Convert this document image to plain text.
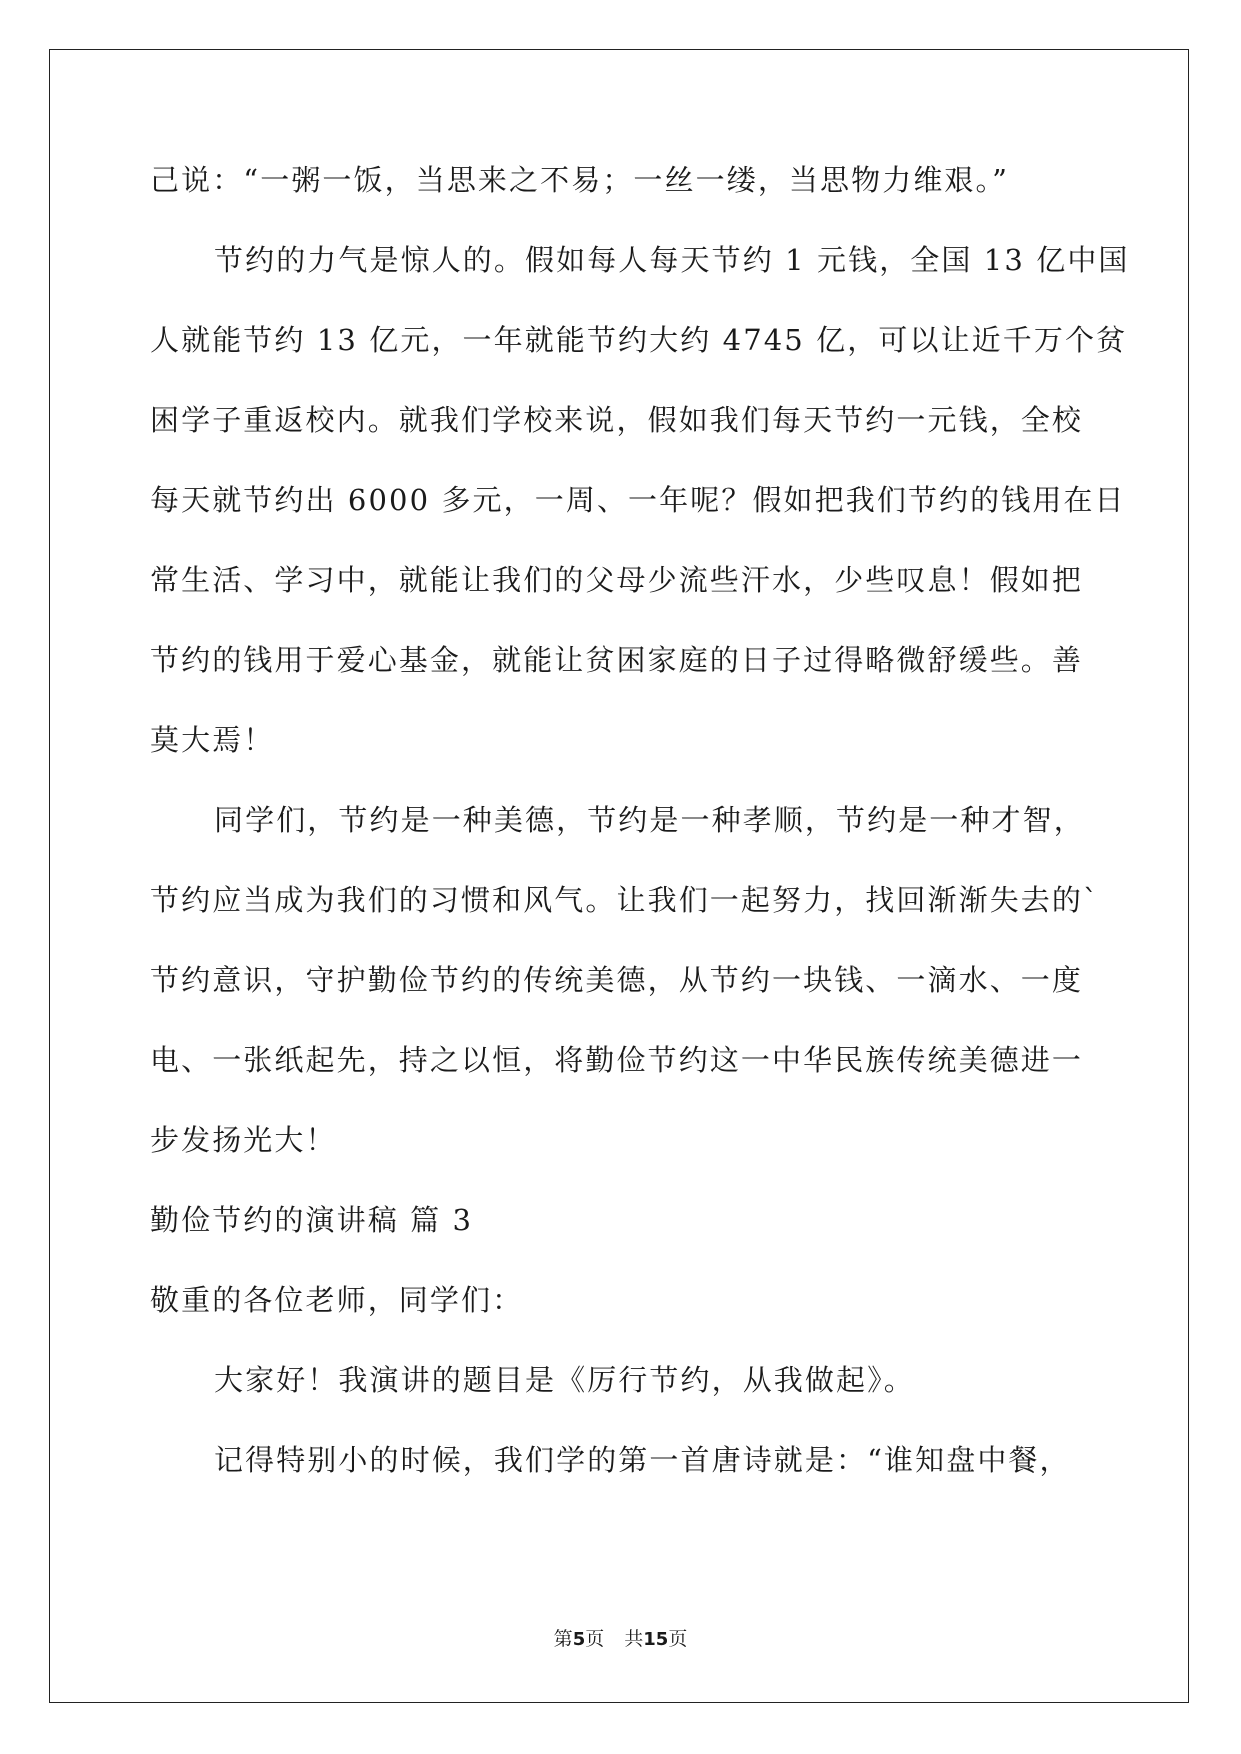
己说：“一粥一饭，当思来之不易；一丝一缕，当思物力维艰。”
节约的力气是惊人的。假如每人每天节约 1 元钱，全国 13 亿中国
人就能节约 13 亿元，一年就能节约大约 4745 亿，可以让近千万个贫
困学子重返校内。就我们学校来说，假如我们每天节约一元钱，全校
每天就节约出 6000 多元，一周、一年呢？假如把我们节约的钱用在日
常生活、学习中，就能让我们的父母少流些汗水，少些叹息！假如把
节约的钱用于爱心基金，就能让贫困家庭的日子过得略微舒缓些。善
莫大焉！
同学们，节约是一种美德，节约是一种孝顺，节约是一种才智，
节约应当成为我们的习惯和风气。让我们一起努力，找回渐渐失去的`
节约意识，守护勤俭节约的传统美德，从节约一块钱、一滴水、一度
电、一张纸起先，持之以恒，将勤俭节约这一中华民族传统美德进一
步发扬光大！
勤俭节约的演讲稿 篇 3
敬重的各位老师，同学们：
大家好！我演讲的题目是《厉行节约，从我做起》。
记得特别小的时候，我们学的第一首唐诗就是：“谁知盘中餐，
第5页 共15页
